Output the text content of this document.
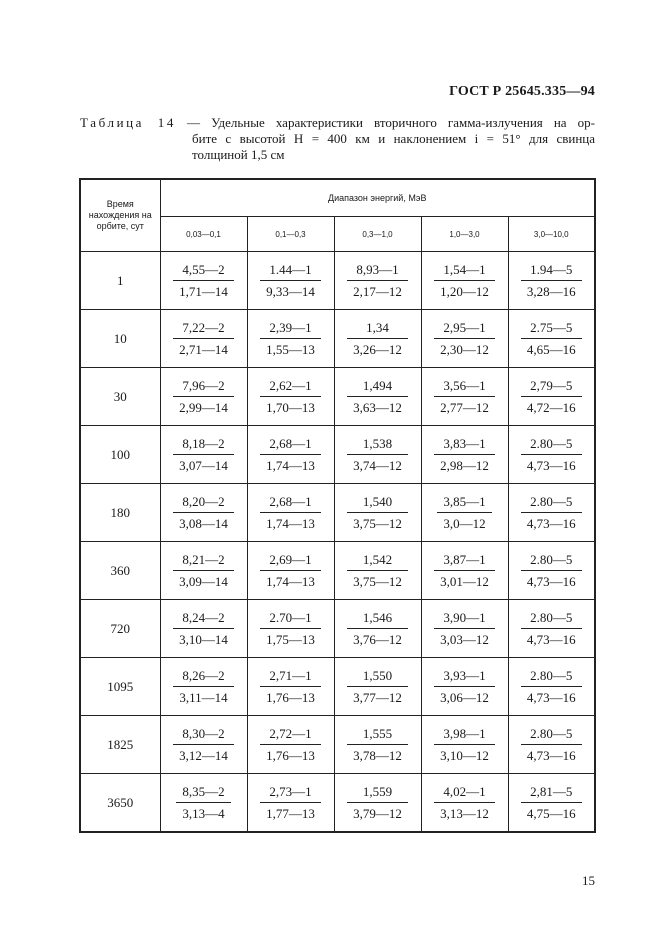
ГОСТ Р 25645.335—94
Таблица 14 — Удельные характеристики вторичного гамма-излучения на ор-
бите с высотой H = 400 км и наклонением i = 51° для свинца
толщиной 1,5 см
Время нахождения на орбите, сут	Диапазон энергий, МэВ				
	0,03—0,1	0,1—0,3	0,3—1,0	1,0—3,0	3,0—10,0
1	$\frac{4,55—2}{1,71—14}$	$\frac{1.44—1}{9,33—14}$	$\frac{8,93—1}{2,17—12}$	$\frac{1,54—1}{1,20—12}$	$\frac{1.94—5}{3,28—16}$

10	$\frac{7,22—2}{2,71—14}$	$\frac{2,39—1}{1,55—13}$	$\frac{1,34}{3,26—12}$	$\frac{2,95—1}{2,30—12}$	$\frac{2.75—5}{4,65—16}$

30	$\frac{7,96—2}{2,99—14}$	$\frac{2,62—1}{1,70—13}$	$\frac{1,494}{3,63—12}$	$\frac{3,56—1}{2,77—12}$	$\frac{2,79—5}{4,72—16}$

100	$\frac{8,18—2}{3,07—14}$	$\frac{2,68—1}{1,74—13}$	$\frac{1,538}{3,74—12}$	$\frac{3,83—1}{2,98—12}$	$\frac{2.80—5}{4,73—16}$

180	$\frac{8,20—2}{3,08—14}$	$\frac{2,68—1}{1,74—13}$	$\frac{1,540}{3,75—12}$	$\frac{3,85—1}{3,0—12}$	$\frac{2.80—5}{4,73—16}$

360	$\frac{8,21—2}{3,09—14}$	$\frac{2,69—1}{1,74—13}$	$\frac{1,542}{3,75—12}$	$\frac{3,87—1}{3,01—12}$	$\frac{2.80—5}{4,73—16}$

720	$\frac{8,24—2}{3,10—14}$	$\frac{2.70—1}{1,75—13}$	$\frac{1,546}{3,76—12}$	$\frac{3,90—1}{3,03—12}$	$\frac{2.80—5}{4,73—16}$

1095	$\frac{8,26—2}{3,11—14}$	$\frac{2,71—1}{1,76—13}$	$\frac{1,550}{3,77—12}$	$\frac{3,93—1}{3,06—12}$	$\frac{2.80—5}{4,73—16}$

1825	$\frac{8,30—2}{3,12—14}$	$\frac{2,72—1}{1,76—13}$	$\frac{1,555}{3,78—12}$	$\frac{3,98—1}{3,10—12}$	$\frac{2.80—5}{4,73—16}$

3650	$\frac{8,35—2}{3,13—4}$	$\frac{2,73—1}{1,77—13}$	$\frac{1,559}{3,79—12}$	$\frac{4,02—1}{3,13—12}$	$\frac{2,81—5}{4,75—16}$
15
